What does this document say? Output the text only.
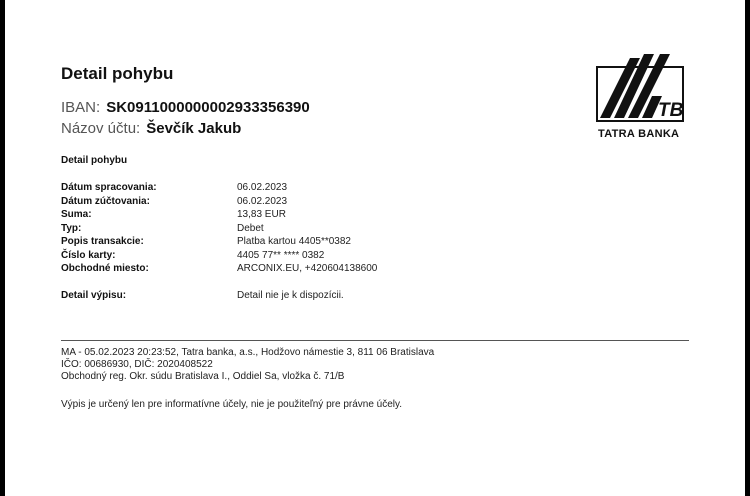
Detail pohybu
IBAN: SK0911000000002933356390
Názov účtu: Ševčík Jakub
TB
TATRA BANKA
Detail pohybu
Dátum spracovania:	06.02.2023
Dátum zúčtovania:	06.02.2023
Suma:	13,83 EUR
Typ:	Debet
Popis transakcie:	Platba kartou 4405**0382
Číslo karty:	4405 77** **** 0382
Obchodné miesto:	ARCONIX.EU, +420604138600
Detail výpisu:	Detail nie je k dispozícii.
MA - 05.02.2023 20:23:52, Tatra banka, a.s., Hodžovo námestie 3, 811 06 Bratislava
IČO: 00686930, DIČ: 2020408522
Obchodný reg. Okr. súdu Bratislava I., Oddiel Sa, vložka č. 71/B
Výpis je určený len pre informatívne účely, nie je použiteľný pre právne účely.
